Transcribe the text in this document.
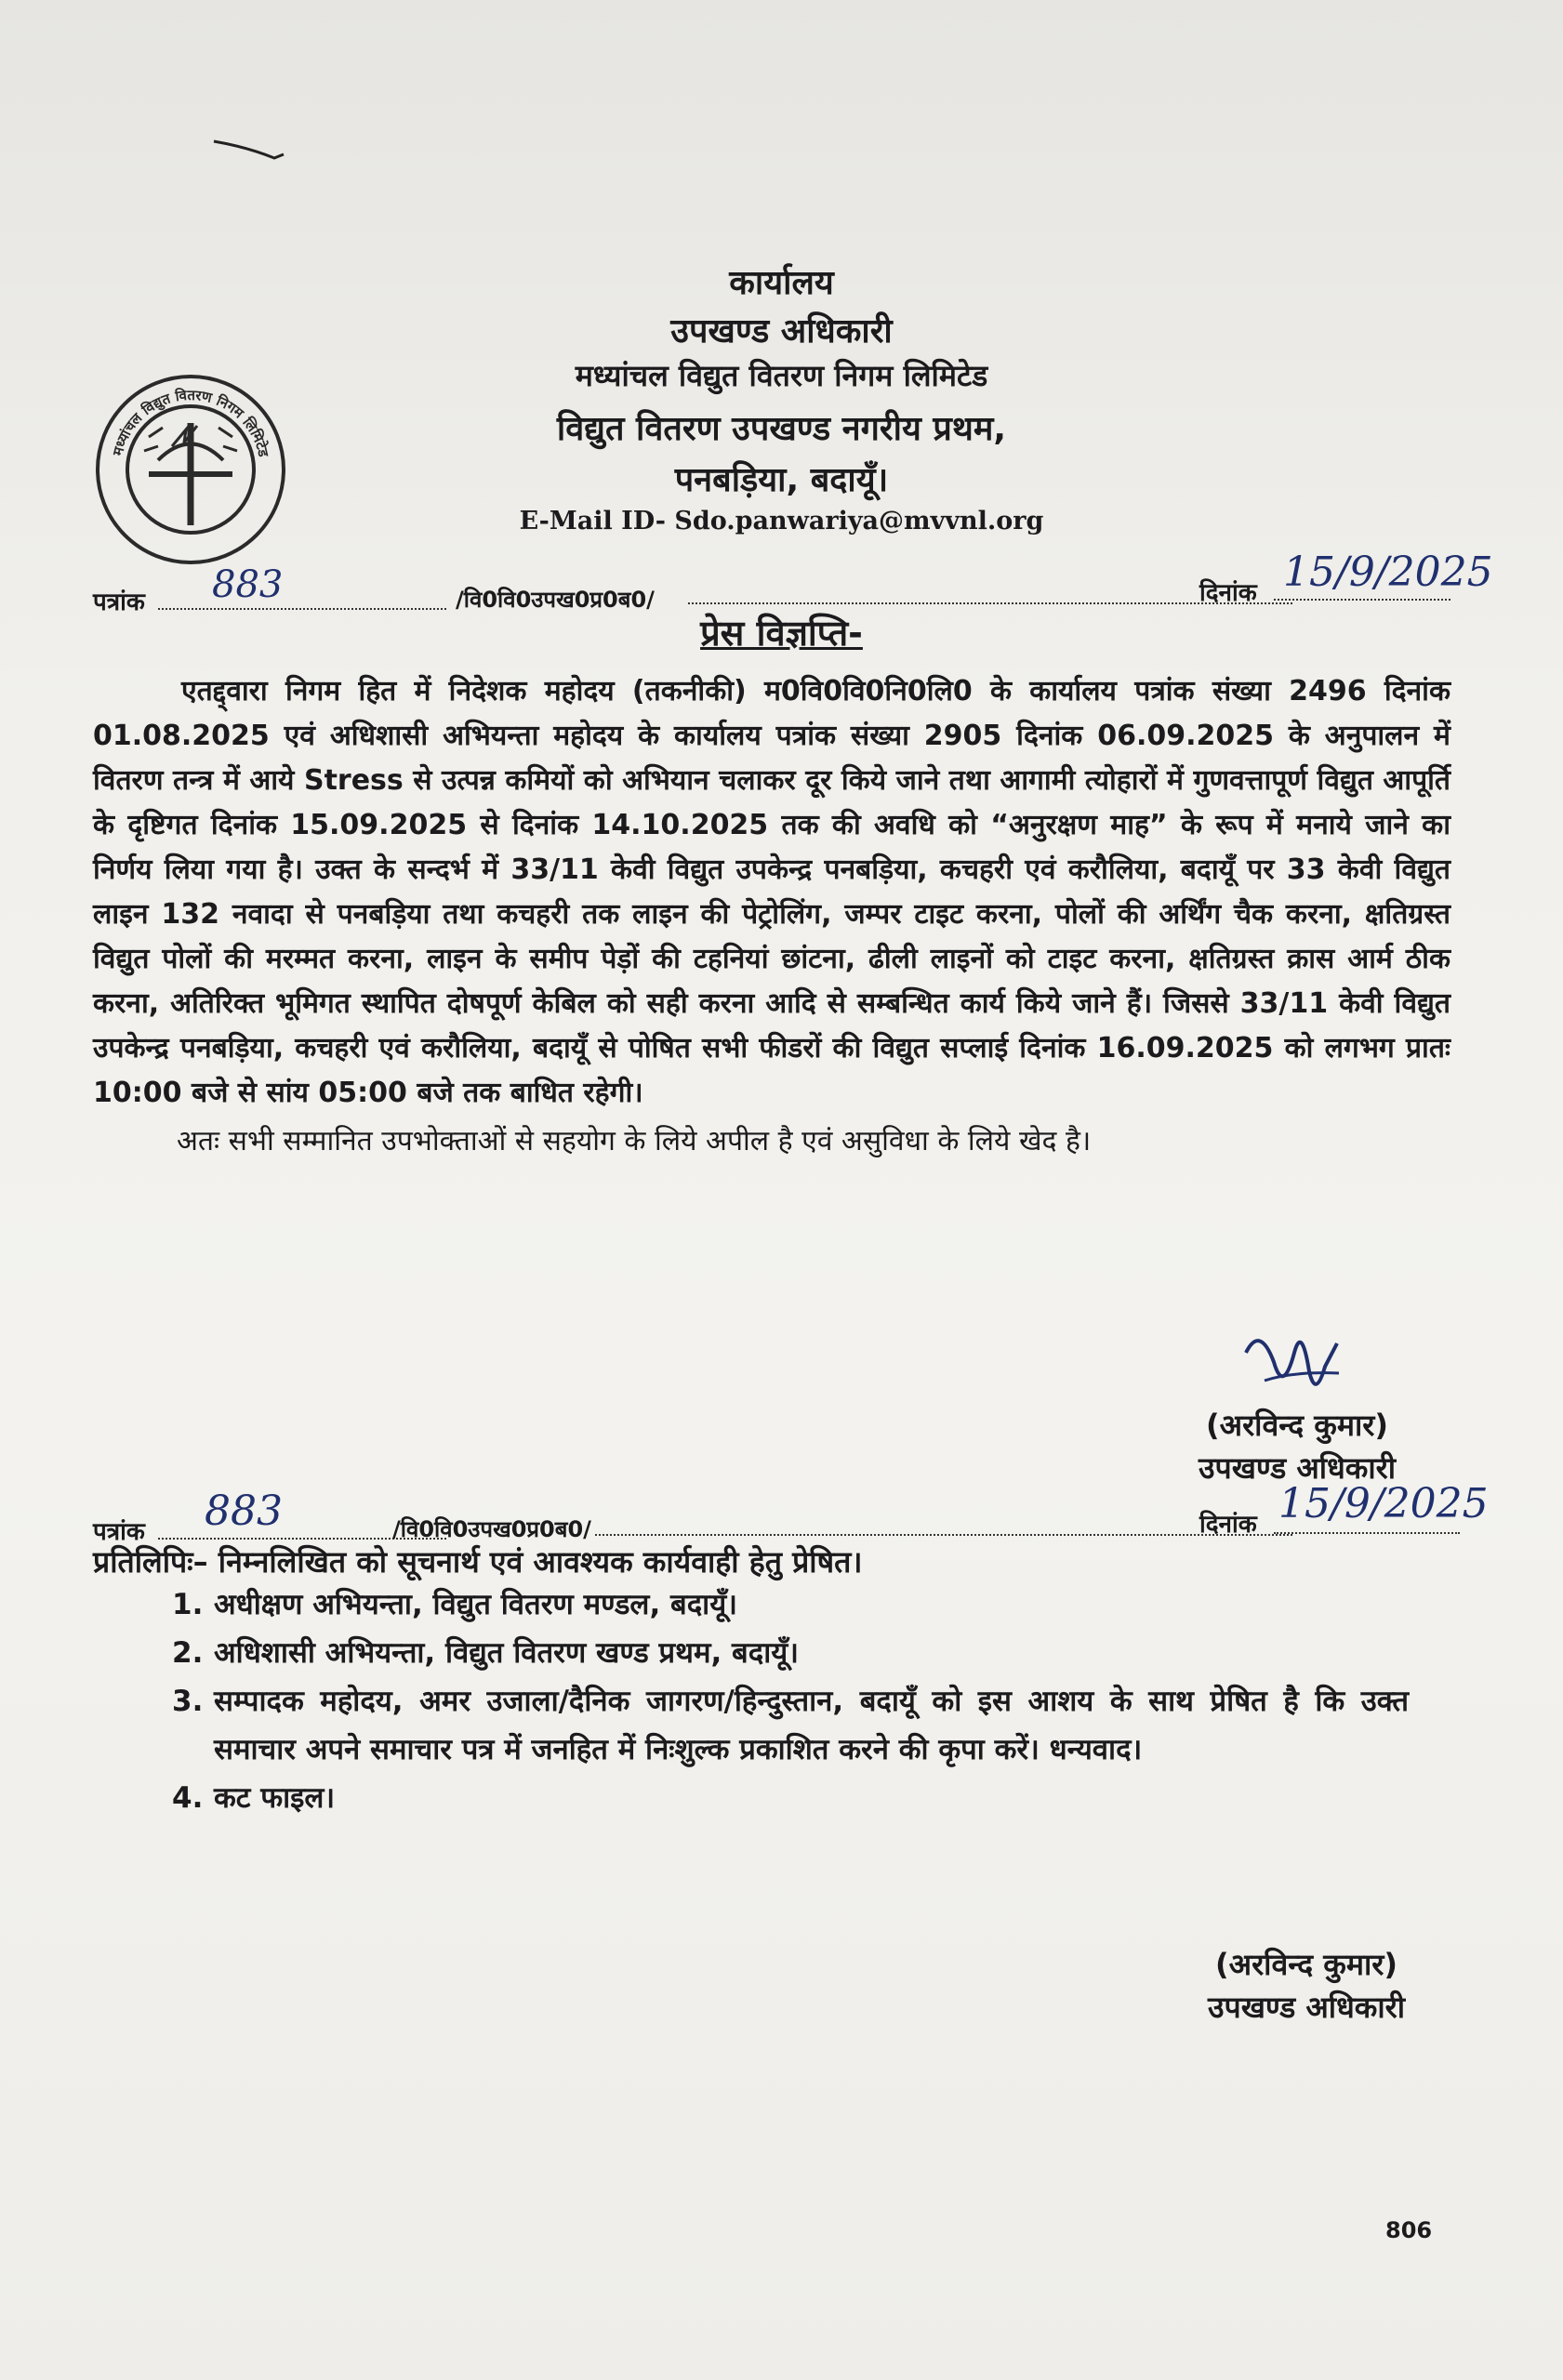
मध्यांचल विद्युत वितरण निगम लिमिटेड
कार्यालय
उपखण्ड अधिकारी
मध्यांचल विद्युत वितरण निगम लिमिटेड
विद्युत वितरण उपखण्ड नगरीय प्रथम,
पनबड़िया, बदायूँ।
E-Mail ID- Sdo.panwariya@mvvnl.org
पत्रांक 883	/वि0वि0उपख0प्र0ब0/	दिनांक 15/9/2025
प्रेस विज्ञप्ति-

एतद्द्वारा निगम हित में निदेशक महोदय (तकनीकी) म0वि0वि0नि0लि0 के कार्यालय पत्रांक संख्या 2496 दिनांक 01.08.2025 एवं अधिशासी अभियन्ता महोदय के कार्यालय पत्रांक संख्या 2905 दिनांक 06.09.2025 के अनुपालन में वितरण तन्त्र में आये Stress से उत्पन्न कमियों को अभियान चलाकर दूर किये जाने तथा आगामी त्योहारों में गुणवत्तापूर्ण विद्युत आपूर्ति के दृष्टिगत दिनांक 15.09.2025 से दिनांक 14.10.2025 तक की अवधि को “अनुरक्षण माह” के रूप में मनाये जाने का निर्णय लिया गया है। उक्त के सन्दर्भ में 33/11 केवी विद्युत उपकेन्द्र पनबड़िया, कचहरी एवं करौलिया, बदायूँ पर 33 केवी विद्युत लाइन 132 नवादा से पनबड़िया तथा कचहरी तक लाइन की पेट्रोलिंग, जम्पर टाइट करना, पोलों की अर्थिंग चैक करना, क्षतिग्रस्त विद्युत पोलों की मरम्मत करना, लाइन के समीप पेड़ों की टहनियां छांटना, ढीली लाइनों को टाइट करना, क्षतिग्रस्त क्रास आर्म ठीक करना, अतिरिक्त भूमिगत स्थापित दोषपूर्ण केबिल को सही करना आदि से सम्बन्धित कार्य किये जाने हैं। जिससे 33/11 केवी विद्युत उपकेन्द्र पनबड़िया, कचहरी एवं करौलिया, बदायूँ से पोषित सभी फीडरों की विद्युत सप्लाई दिनांक 16.09.2025 को लगभग प्रातः 10:00 बजे से सांय 05:00 बजे तक बाधित रहेगी।

अतः सभी सम्मानित उपभोक्ताओं से सहयोग के लिये अपील है एवं असुविधा के लिये खेद है।

(अरविन्द कुमार)
उपखण्ड अधिकारी
पत्रांक 883	/वि0वि0उपख0प्र0ब0/	दिनांक 15/9/2025
प्रतिलिपिः– निम्नलिखित को सूचनार्थ एवं आवश्यक कार्यवाही हेतु प्रेषित।
1. अधीक्षण अभियन्ता, विद्युत वितरण मण्डल, बदायूँ।
2. अधिशासी अभियन्ता, विद्युत वितरण खण्ड प्रथम, बदायूँ।
3. सम्पादक महोदय, अमर उजाला/दैनिक जागरण/हिन्दुस्तान, बदायूँ को इस आशय के साथ प्रेषित है कि उक्त समाचार अपने समाचार पत्र में जनहित में निःशुल्क प्रकाशित करने की कृपा करें। धन्यवाद।
4. कट फाइल।
(अरविन्द कुमार)
उपखण्ड अधिकारी
806
